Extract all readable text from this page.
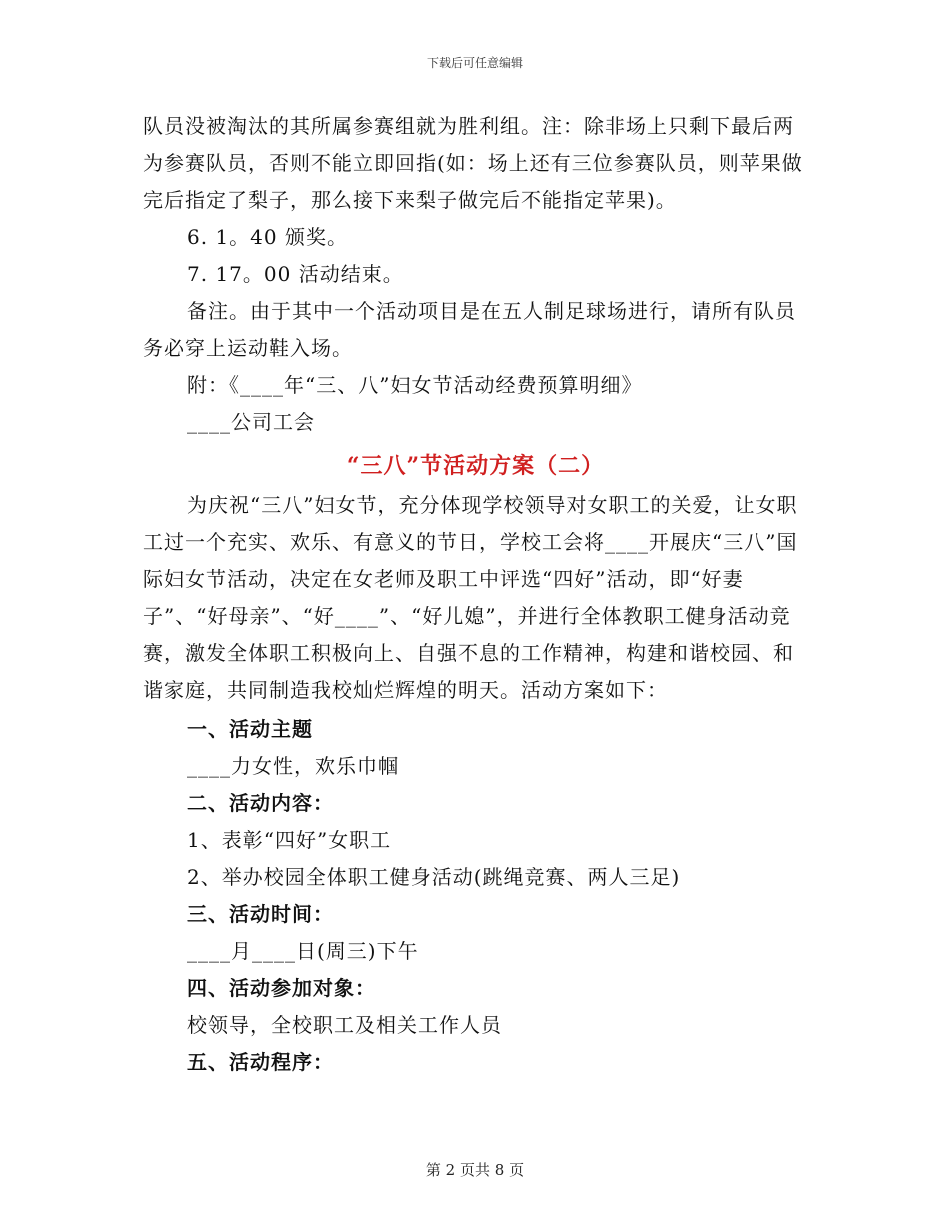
下载后可任意编辑

队员没被淘汰的其所属参赛组就为胜利组。注：除非场上只剩下最后两为参赛队员，否则不能立即回指(如：场上还有三位参赛队员，则苹果做完后指定了梨子，那么接下来梨子做完后不能指定苹果)。

6. 1。40 颁奖。

7. 17。00 活动结束。

备注。由于其中一个活动项目是在五人制足球场进行，请所有队员务必穿上运动鞋入场。

附：《____年“三、八”妇女节活动经费预算明细》

____公司工会

“三八”节活动方案（二）

为庆祝“三八”妇女节，充分体现学校领导对女职工的关爱，让女职工过一个充实、欢乐、有意义的节日，学校工会将____开展庆“三八”国际妇女节活动，决定在女老师及职工中评选“四好”活动，即“好妻子”、“好母亲”、“好____”、“好儿媳”，并进行全体教职工健身活动竞赛，激发全体职工积极向上、自强不息的工作精神，构建和谐校园、和谐家庭，共同制造我校灿烂辉煌的明天。活动方案如下：

一、活动主题

____力女性，欢乐巾帼

二、活动内容：

1、表彰“四好”女职工

2、举办校园全体职工健身活动(跳绳竞赛、两人三足)

三、活动时间：

____月____日(周三)下午

四、活动参加对象：

校领导，全校职工及相关工作人员

五、活动程序：

第 2 页共 8 页
